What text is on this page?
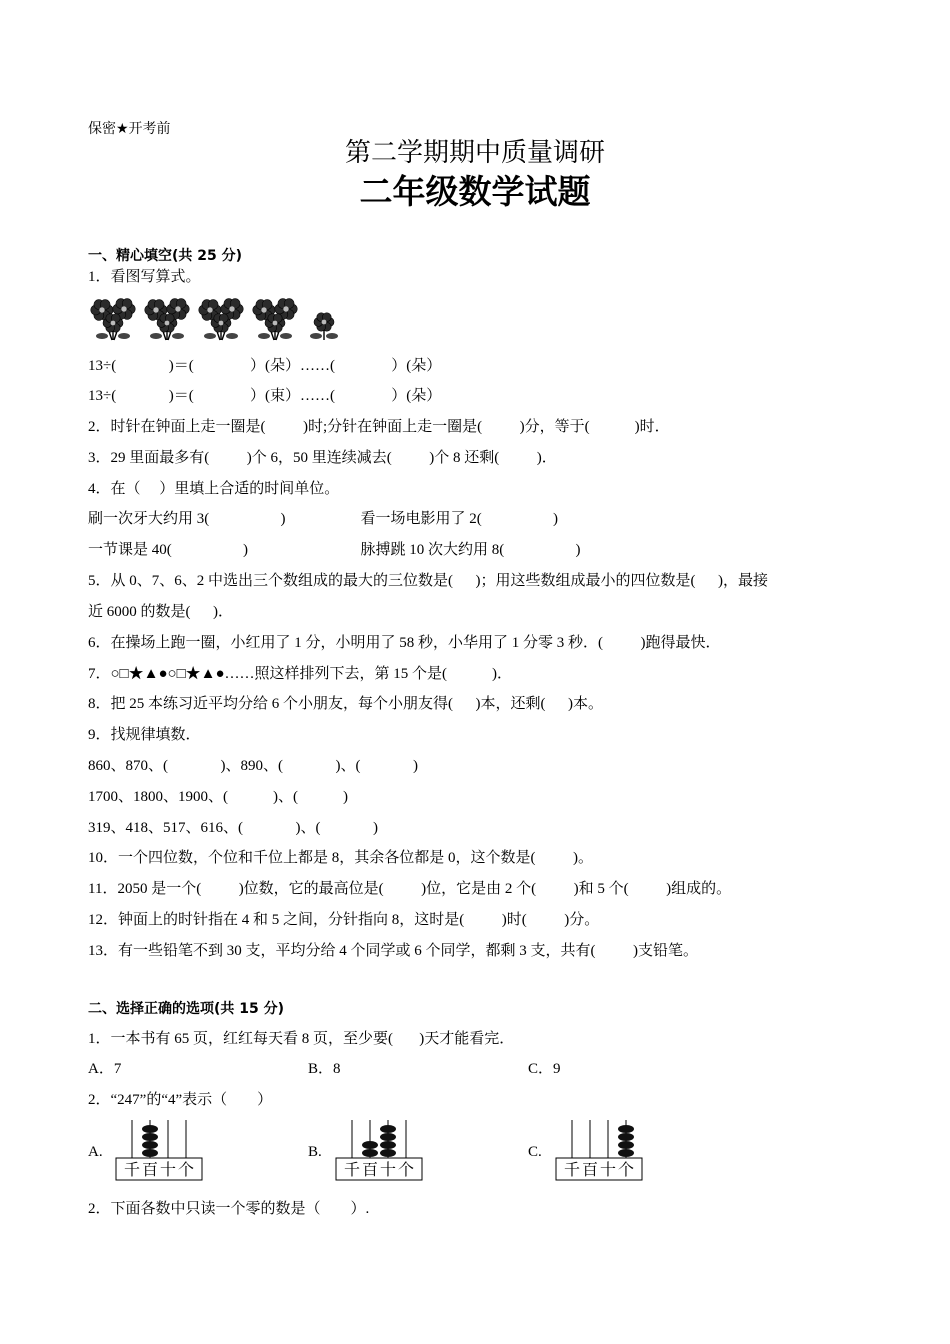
保密★开考前
第二学期期中质量调研
二年级数学试题
一、精心填空(共 25 分)
1．看图写算式。
13÷(              )＝(               ）(朵）……(               ）(朵）
13÷(              )＝(               ）(束）……(               ）(朵）
2．时针在钟面上走一圈是(          )时;分针在钟面上走一圈是(          )分，等于(            )时．
3．29 里面最多有(          )个 6，50 里连续减去(          )个 8 还剩(          )．
4．在（     ）里填上合适的时间单位。
刷一次牙大约用 3(                   )                    看一场电影用了 2(                   )
一节课是 40(                   )                              脉搏跳 10 次大约用 8(                   )
5．从 0、7、6、2 中选出三个数组成的最大的三位数是(      )；用这些数组成最小的四位数是(      )，最接
近 6000 的数是(      )．
6．在操场上跑一圈，小红用了 1 分，小明用了 58 秒，小华用了 1 分零 3 秒．(          )跑得最快．
7．○□★▲●○□★▲●……照这样排列下去，第 15 个是(            )．
8．把 25 本练习近平均分给 6 个小朋友，每个小朋友得(      )本，还剩(      )本。
9．找规律填数．
860、870、(              )、890、(              )、(              )
1700、1800、1900、(            )、(            )
319、418、517、616、(              )、(              )
10．一个四位数，个位和千位上都是 8，其余各位都是 0，这个数是(          )。
11．2050 是一个(          )位数，它的最高位是(          )位，它是由 2 个(          )和 5 个(          )组成的。
12．钟面上的时针指在 4 和 5 之间，分针指向 8，这时是(          )时(          )分。
13．有一些铅笔不到 30 支，平均分给 4 个同学或 6 个同学，都剩 3 支，共有(          )支铅笔。
二、选择正确的选项(共 15 分)
1．一本书有 65 页，红红每天看 8 页，至少要(       )天才能看完．
A．7	B．8	C．9
2．“247”的“4”表示（        ）
A.
千 百 十 个
B.
千 百 十 个
C.
千 百 十 个
2．下面各数中只读一个零的数是（        ）.
